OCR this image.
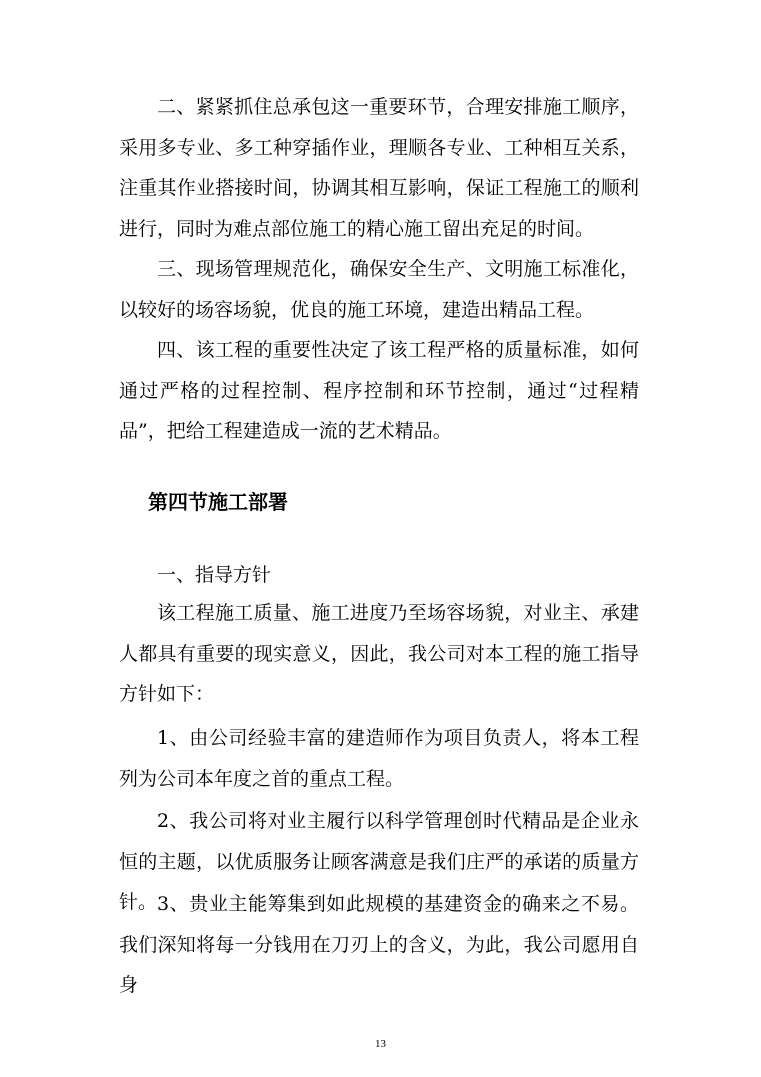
二、紧紧抓住总承包这一重要环节，合理安排施工顺序，采用多专业、多工种穿插作业，理顺各专业、工种相互关系，注重其作业搭接时间，协调其相互影响，保证工程施工的顺利进行，同时为难点部位施工的精心施工留出充足的时间。

三、现场管理规范化，确保安全生产、文明施工标准化，以较好的场容场貌，优良的施工环境，建造出精品工程。

四、该工程的重要性决定了该工程严格的质量标准，如何通过严格的过程控制、程序控制和环节控制，通过“过程精品”，把给工程建造成一流的艺术精品。

第四节施工部署

一、指导方针

该工程施工质量、施工进度乃至场容场貌，对业主、承建人都具有重要的现实意义，因此，我公司对本工程的施工指导方针如下：

1、由公司经验丰富的建造师作为项目负责人，将本工程列为公司本年度之首的重点工程。

2、我公司将对业主履行以科学管理创时代精品是企业永恒的主题，以优质服务让顾客满意是我们庄严的承诺的质量方针。 3、贵业主能筹集到如此规模的基建资金的确来之不易。我们深知将每一分钱用在刀刃上的含义，为此，我公司愿用自身

13
